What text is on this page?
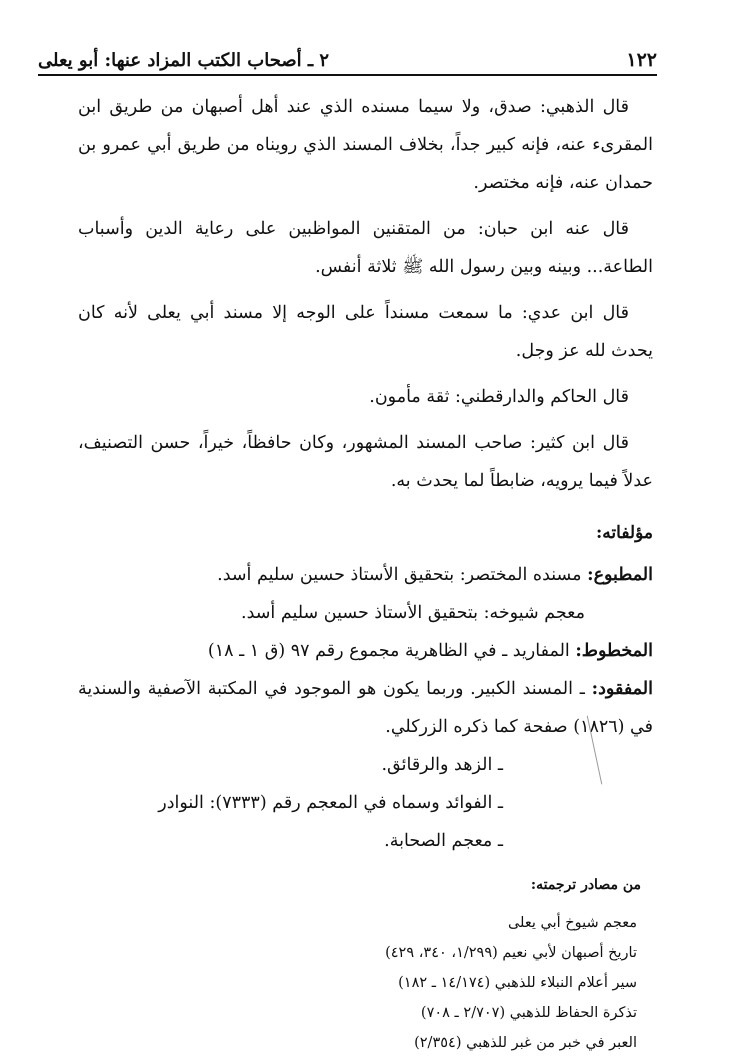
١٢٢
٢ ـ أصحاب الكتب المزاد عنها: أبو يعلى

قال الذهبي: صدق، ولا سيما مسنده الذي عند أهل أصبهان من طريق ابن المقرىء عنه، فإنه كبير جداً، بخلاف المسند الذي رويناه من طريق أبي عمرو بن حمدان عنه، فإنه مختصر.

قال عنه ابن حبان: من المتقنين المواظبين على رعاية الدين وأسباب الطاعة... وبينه وبين رسول الله ﷺ ثلاثة أنفس.

قال ابن عدي: ما سمعت مسنداً على الوجه إلا مسند أبي يعلى لأنه كان يحدث لله عز وجل.

قال الحاكم والدارقطني: ثقة مأمون.

قال ابن كثير: صاحب المسند المشهور، وكان حافظاً، خيراً، حسن التصنيف، عدلاً فيما يرويه، ضابطاً لما يحدث به.

مؤلفاته:

المطبوع: مسنده المختصر: بتحقيق الأستاذ حسين سليم أسد.

معجم شيوخه: بتحقيق الأستاذ حسين سليم أسد.

المخطوط: المفاريد ـ في الظاهرية مجموع رقم ٩٧ (ق ١ ـ ١٨)

المفقود: ـ المسند الكبير. وربما يكون هو الموجود في المكتبة الآصفية والسندية في (١٨٢٦) صفحة كما ذكره الزركلي.

ـ الزهد والرقائق.

ـ الفوائد وسماه في المعجم رقم (٧٣٣٣): النوادر

ـ معجم الصحابة.

من مصادر ترجمته:

معجم شيوخ أبي يعلى

تاريخ أصبهان لأبي نعيم (١/٢٩٩، ٣٤٠، ٤٢٩)

سير أعلام النبلاء للذهبي (١٤/١٧٤ ـ ١٨٢)

تذكرة الحفاظ للذهبي (٢/٧٠٧ ـ ٧٠٨)

العبر في خبر من غبر للذهبي (٢/٣٥٤)
